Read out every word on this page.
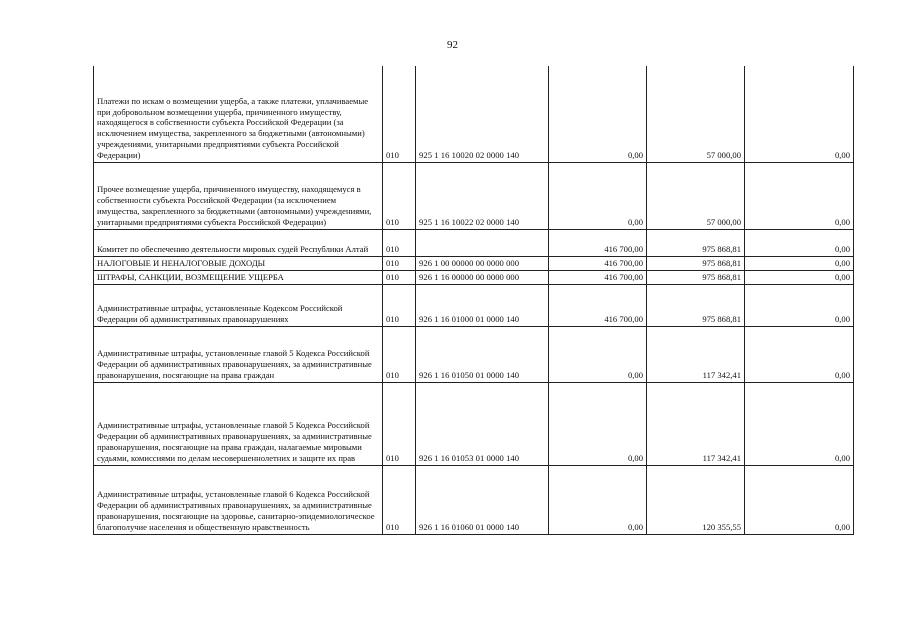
92
Платежи по искам о возмещении ущерба, а также платежи, уплачиваемые при добровольном возмещении ущерба, причиненного имуществу, находящегося в собственности субъекта Российской Федерации (за исключением имущества, закрепленного за бюджетными (автономными) учреждениями, унитарными предприятиями субъекта Российской Федерации)	010	925 1 16 10020 02 0000 140	0,00	57 000,00	0,00
Прочее возмещение ущерба, причиненного имуществу, находящемуся в собственности субъекта Российской Федерации (за исключением имущества, закрепленного за бюджетными (автономными) учреждениями, унитарными предприятиями субъекта Российской Федерации)	010	925 1 16 10022 02 0000 140	0,00	57 000,00	0,00
Комитет по обеспечению деятельности мировых судей Республики Алтай	010		416 700,00	975 868,81	0,00
НАЛОГОВЫЕ И НЕНАЛОГОВЫЕ ДОХОДЫ	010	926 1 00 00000 00 0000 000	416 700,00	975 868,81	0,00
ШТРАФЫ, САНКЦИИ, ВОЗМЕЩЕНИЕ УЩЕРБА	010	926 1 16 00000 00 0000 000	416 700,00	975 868,81	0,00
Административные штрафы, установленные Кодексом Российской Федерации об административных правонарушениях	010	926 1 16 01000 01 0000 140	416 700,00	975 868,81	0,00
Административные штрафы, установленные главой 5 Кодекса Российской Федерации об административных правонарушениях, за административные правонарушения, посягающие на права граждан	010	926 1 16 01050 01 0000 140	0,00	117 342,41	0,00
Административные штрафы, установленные главой 5 Кодекса Российской Федерации об административных правонарушениях, за административные правонарушения, посягающие на права граждан, налагаемые мировыми судьями, комиссиями по делам несовершеннолетних и защите их прав	010	926 1 16 01053 01 0000 140	0,00	117 342,41	0,00
Административные штрафы, установленные главой 6 Кодекса Российской Федерации об административных правонарушениях, за административные правонарушения, посягающие на здоровье, санитарно-эпидемиологическое благополучие населения и общественную нравственность	010	926 1 16 01060 01 0000 140	0,00	120 355,55	0,00
